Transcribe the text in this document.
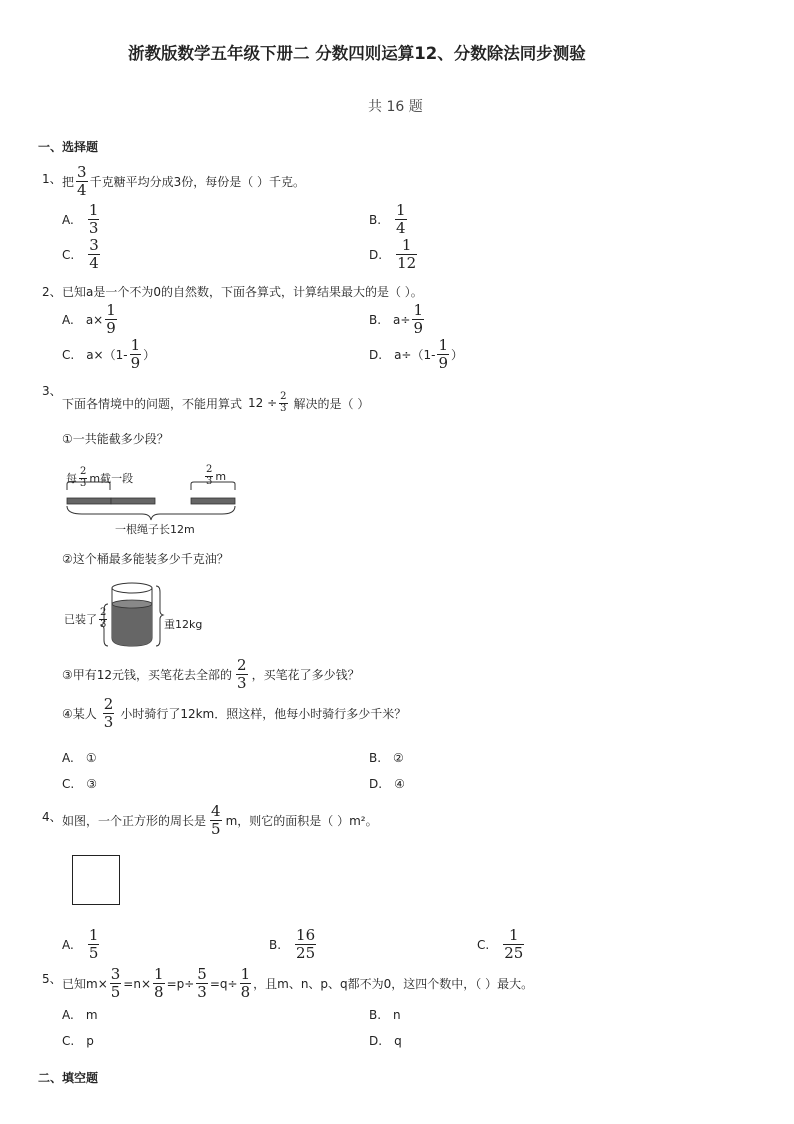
浙教版数学五年级下册二 分数四则运算12、分数除法同步测验
共 16 题
一、选择题
1、 把 $\frac{3}{4}$ 千克糖平均分成3份，每份是（ ）千克。
A. $\frac{1}{3}$	B. $\frac{1}{4}$
C. $\frac{3}{4}$	D. $\frac{1}{12}$
2、 已知a是一个不为0的自然数，下面各算式，计算结果最大的是（ ）。
A. $a\times \frac{1}{9}$	B. $a\div \frac{1}{9}$
C. $a\times(1- \frac{1}{9}$ ）	D. $a\div(1- \frac{1}{9}$ ）
3、
下面各情境中的问题，不能用算式 $12 \div \frac{2}{3}$ 解决的是（ ）
①一共能截多少段？
每 $\frac{2}{3}$ m截一段	$\frac{2}{3}$ m
一根绳子长12m
②这个桶最多能装多少千克油？
已装了 $\frac{2}{3}$	重12kg
③甲有12元钱，买笔花去全部的 $\frac{2}{3}$ ，买笔花了多少钱？
④某人 $\frac{2}{3}$ 小时骑行了12km．照这样，他每小时骑行多少千米？
A. ①	B. ②
C. ③	D. ④
4、 如图，一个正方形的周长是 $\frac{4}{5}$ m，则它的面积是（ ）m²。
A. $\frac{1}{5}$	B. $\frac{16}{25}$	C. $\frac{1}{25}$
5、 已知$m\times \frac{3}{5} =n\times \frac{1}{8} =p\div \frac{5}{3} =q\div \frac{1}{8}$ ，且m、n、p、q都不为0，这四个数中，（ ）最大。
A. m	B. n
C. p	D. q
二、填空题
